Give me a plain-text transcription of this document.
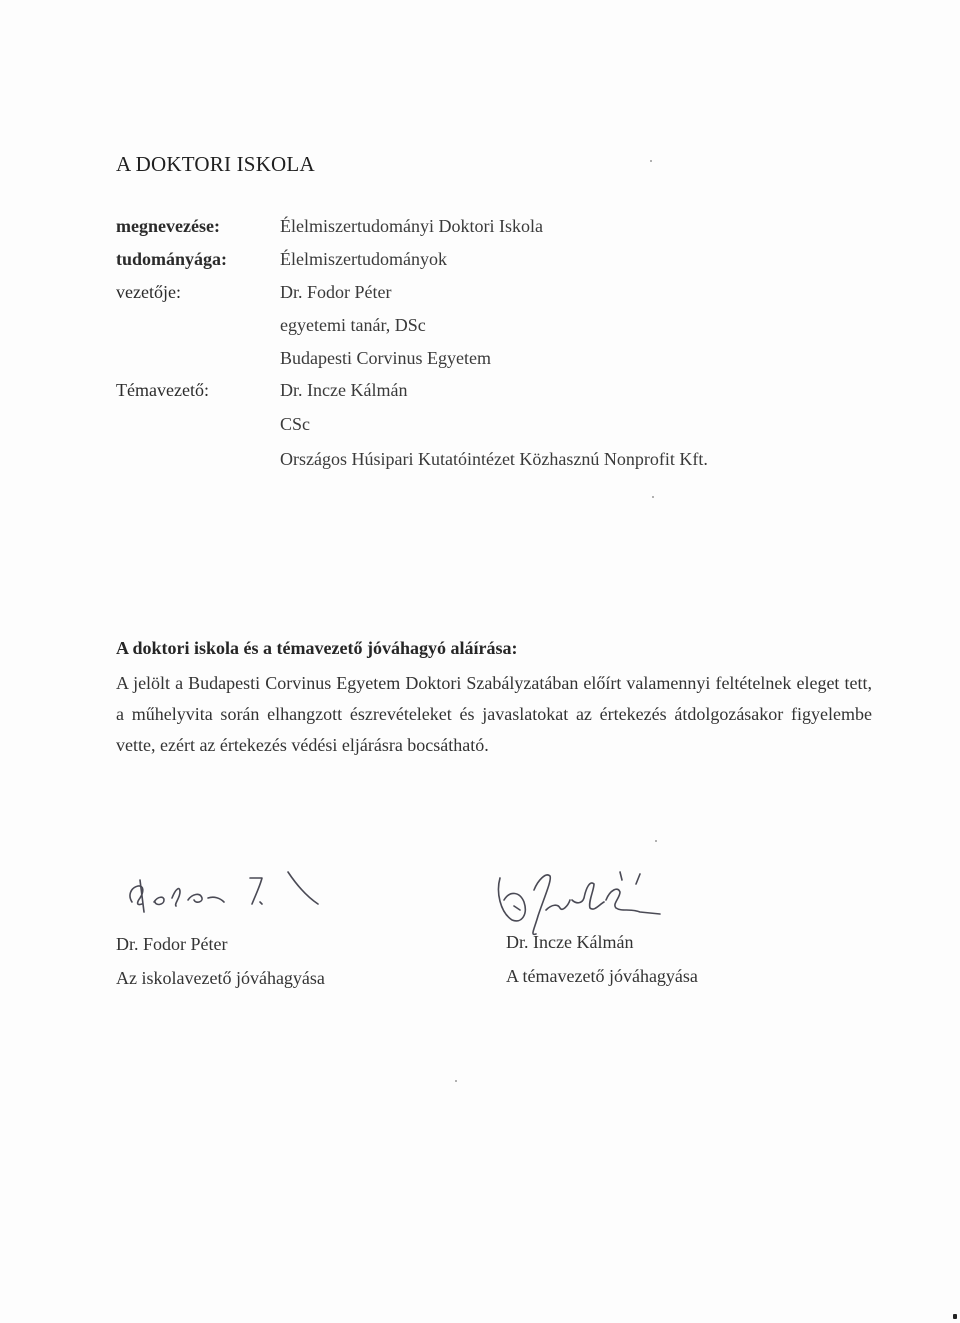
A DOKTORI ISKOLA
megnevezése:	Élelmiszertudományi Doktori Iskola
tudományága:	Élelmiszertudományok
vezetője:	Dr. Fodor Péter
egyetemi tanár, DSc
Budapesti Corvinus Egyetem
Témavezető:	Dr. Incze Kálmán
CSc
Országos Húsipari Kutatóintézet Közhasznú Nonprofit Kft.
A doktori iskola és a témavezető jóváhagyó aláírása:
A jelölt a Budapesti Corvinus Egyetem Doktori Szabályzatában előírt valamennyi feltételnek eleget tett, a műhelyvita során elhangzott észrevételeket és javaslatokat az értekezés átdolgozásakor figyelembe vette, ezért az értekezés védési eljárásra bocsátható.
Dr. Fodor Péter
Az iskolavezető jóváhagyása
Dr. Incze Kálmán
A témavezető jóváhagyása
